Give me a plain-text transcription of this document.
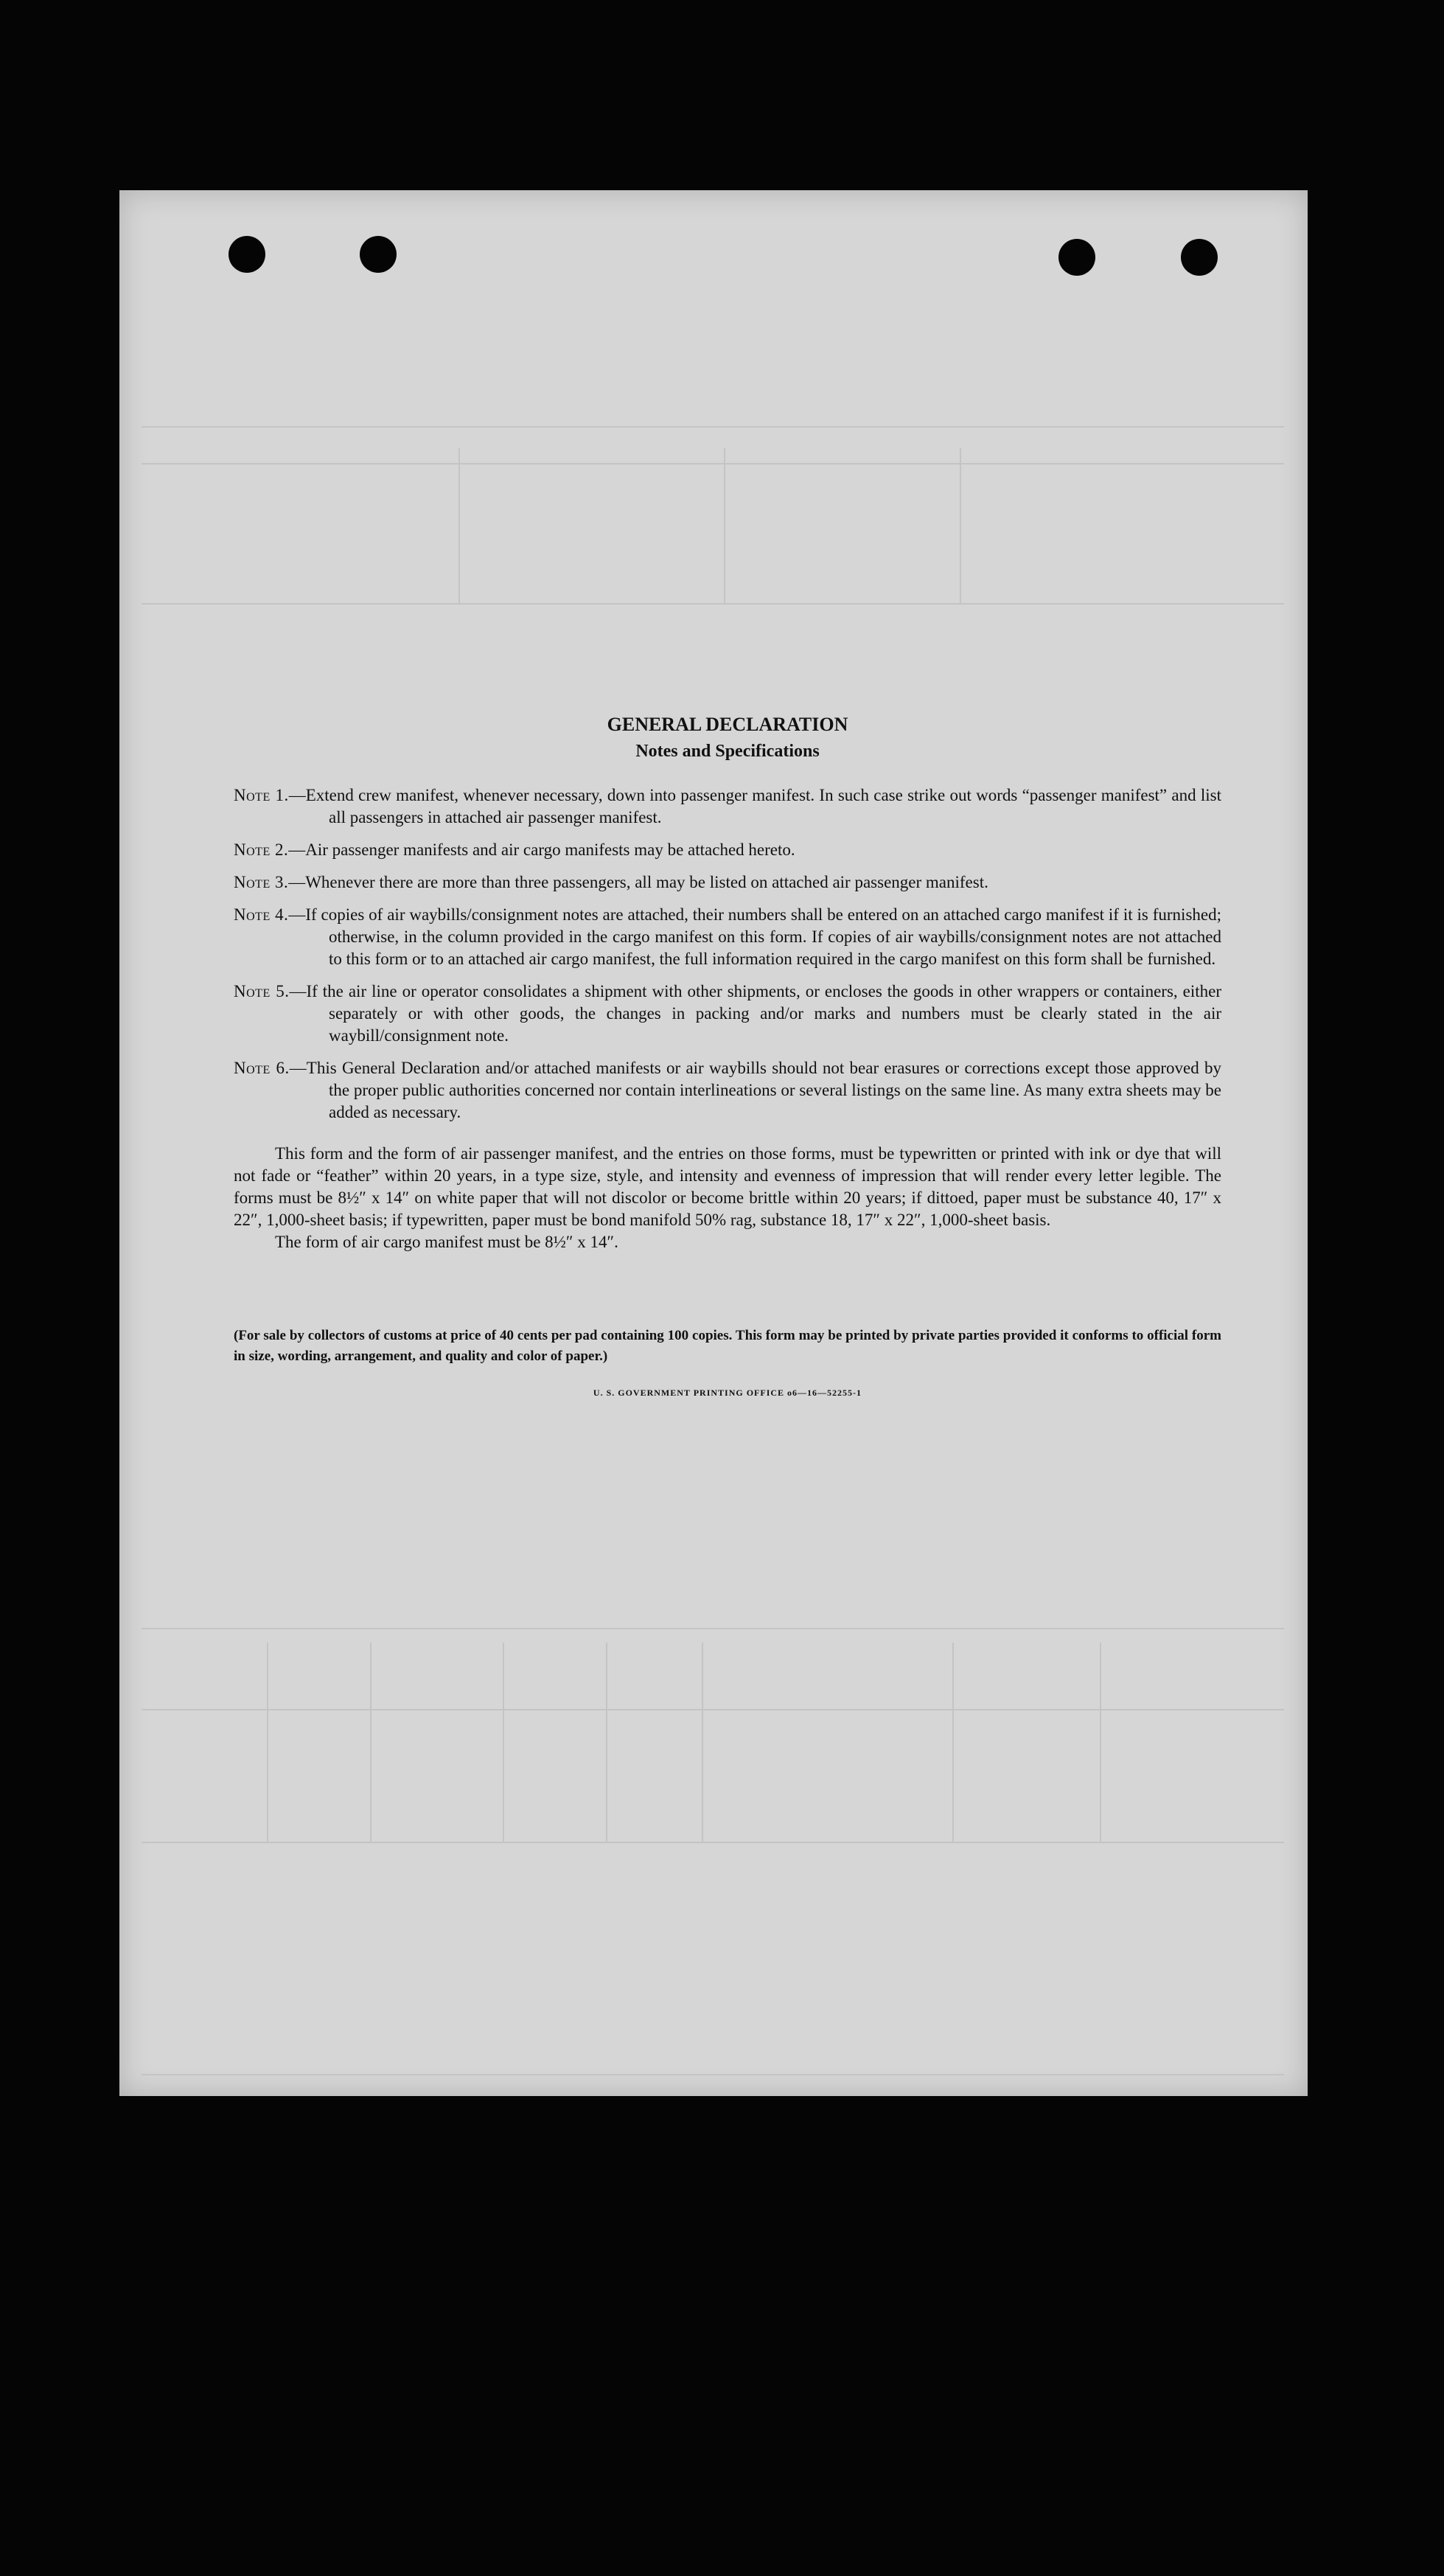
GENERAL DECLARATION
Notes and Specifications

Note 1.—Extend crew manifest, whenever necessary, down into passenger manifest. In such case strike out words “passenger manifest” and list all passengers in attached air passenger manifest.

Note 2.—Air passenger manifests and air cargo manifests may be attached hereto.

Note 3.—Whenever there are more than three passengers, all may be listed on attached air passenger manifest.

Note 4.—If copies of air waybills/consignment notes are attached, their numbers shall be entered on an attached cargo manifest if it is furnished; otherwise, in the column provided in the cargo manifest on this form. If copies of air waybills/consignment notes are not attached to this form or to an attached air cargo manifest, the full information required in the cargo manifest on this form shall be furnished.

Note 5.—If the air line or operator consolidates a shipment with other shipments, or encloses the goods in other wrappers or containers, either separately or with other goods, the changes in packing and/or marks and numbers must be clearly stated in the air waybill/consignment note.

Note 6.—This General Declaration and/or attached manifests or air waybills should not bear erasures or corrections except those approved by the proper public authorities concerned nor contain interlineations or several listings on the same line. As many extra sheets may be added as necessary.

This form and the form of air passenger manifest, and the entries on those forms, must be typewritten or printed with ink or dye that will not fade or “feather” within 20 years, in a type size, style, and intensity and evenness of impression that will render every letter legible. The forms must be 8½″ x 14″ on white paper that will not discolor or become brittle within 20 years; if dittoed, paper must be substance 40, 17″ x 22″, 1,000-sheet basis; if typewritten, paper must be bond manifold 50% rag, substance 18, 17″ x 22″, 1,000-sheet basis.

The form of air cargo manifest must be 8½″ x 14″.

(For sale by collectors of customs at price of 40 cents per pad containing 100 copies. This form may be printed by private parties provided it conforms to official form in size, wording, arrangement, and quality and color of paper.)

U. S. GOVERNMENT PRINTING OFFICE o6—16—52255-1
